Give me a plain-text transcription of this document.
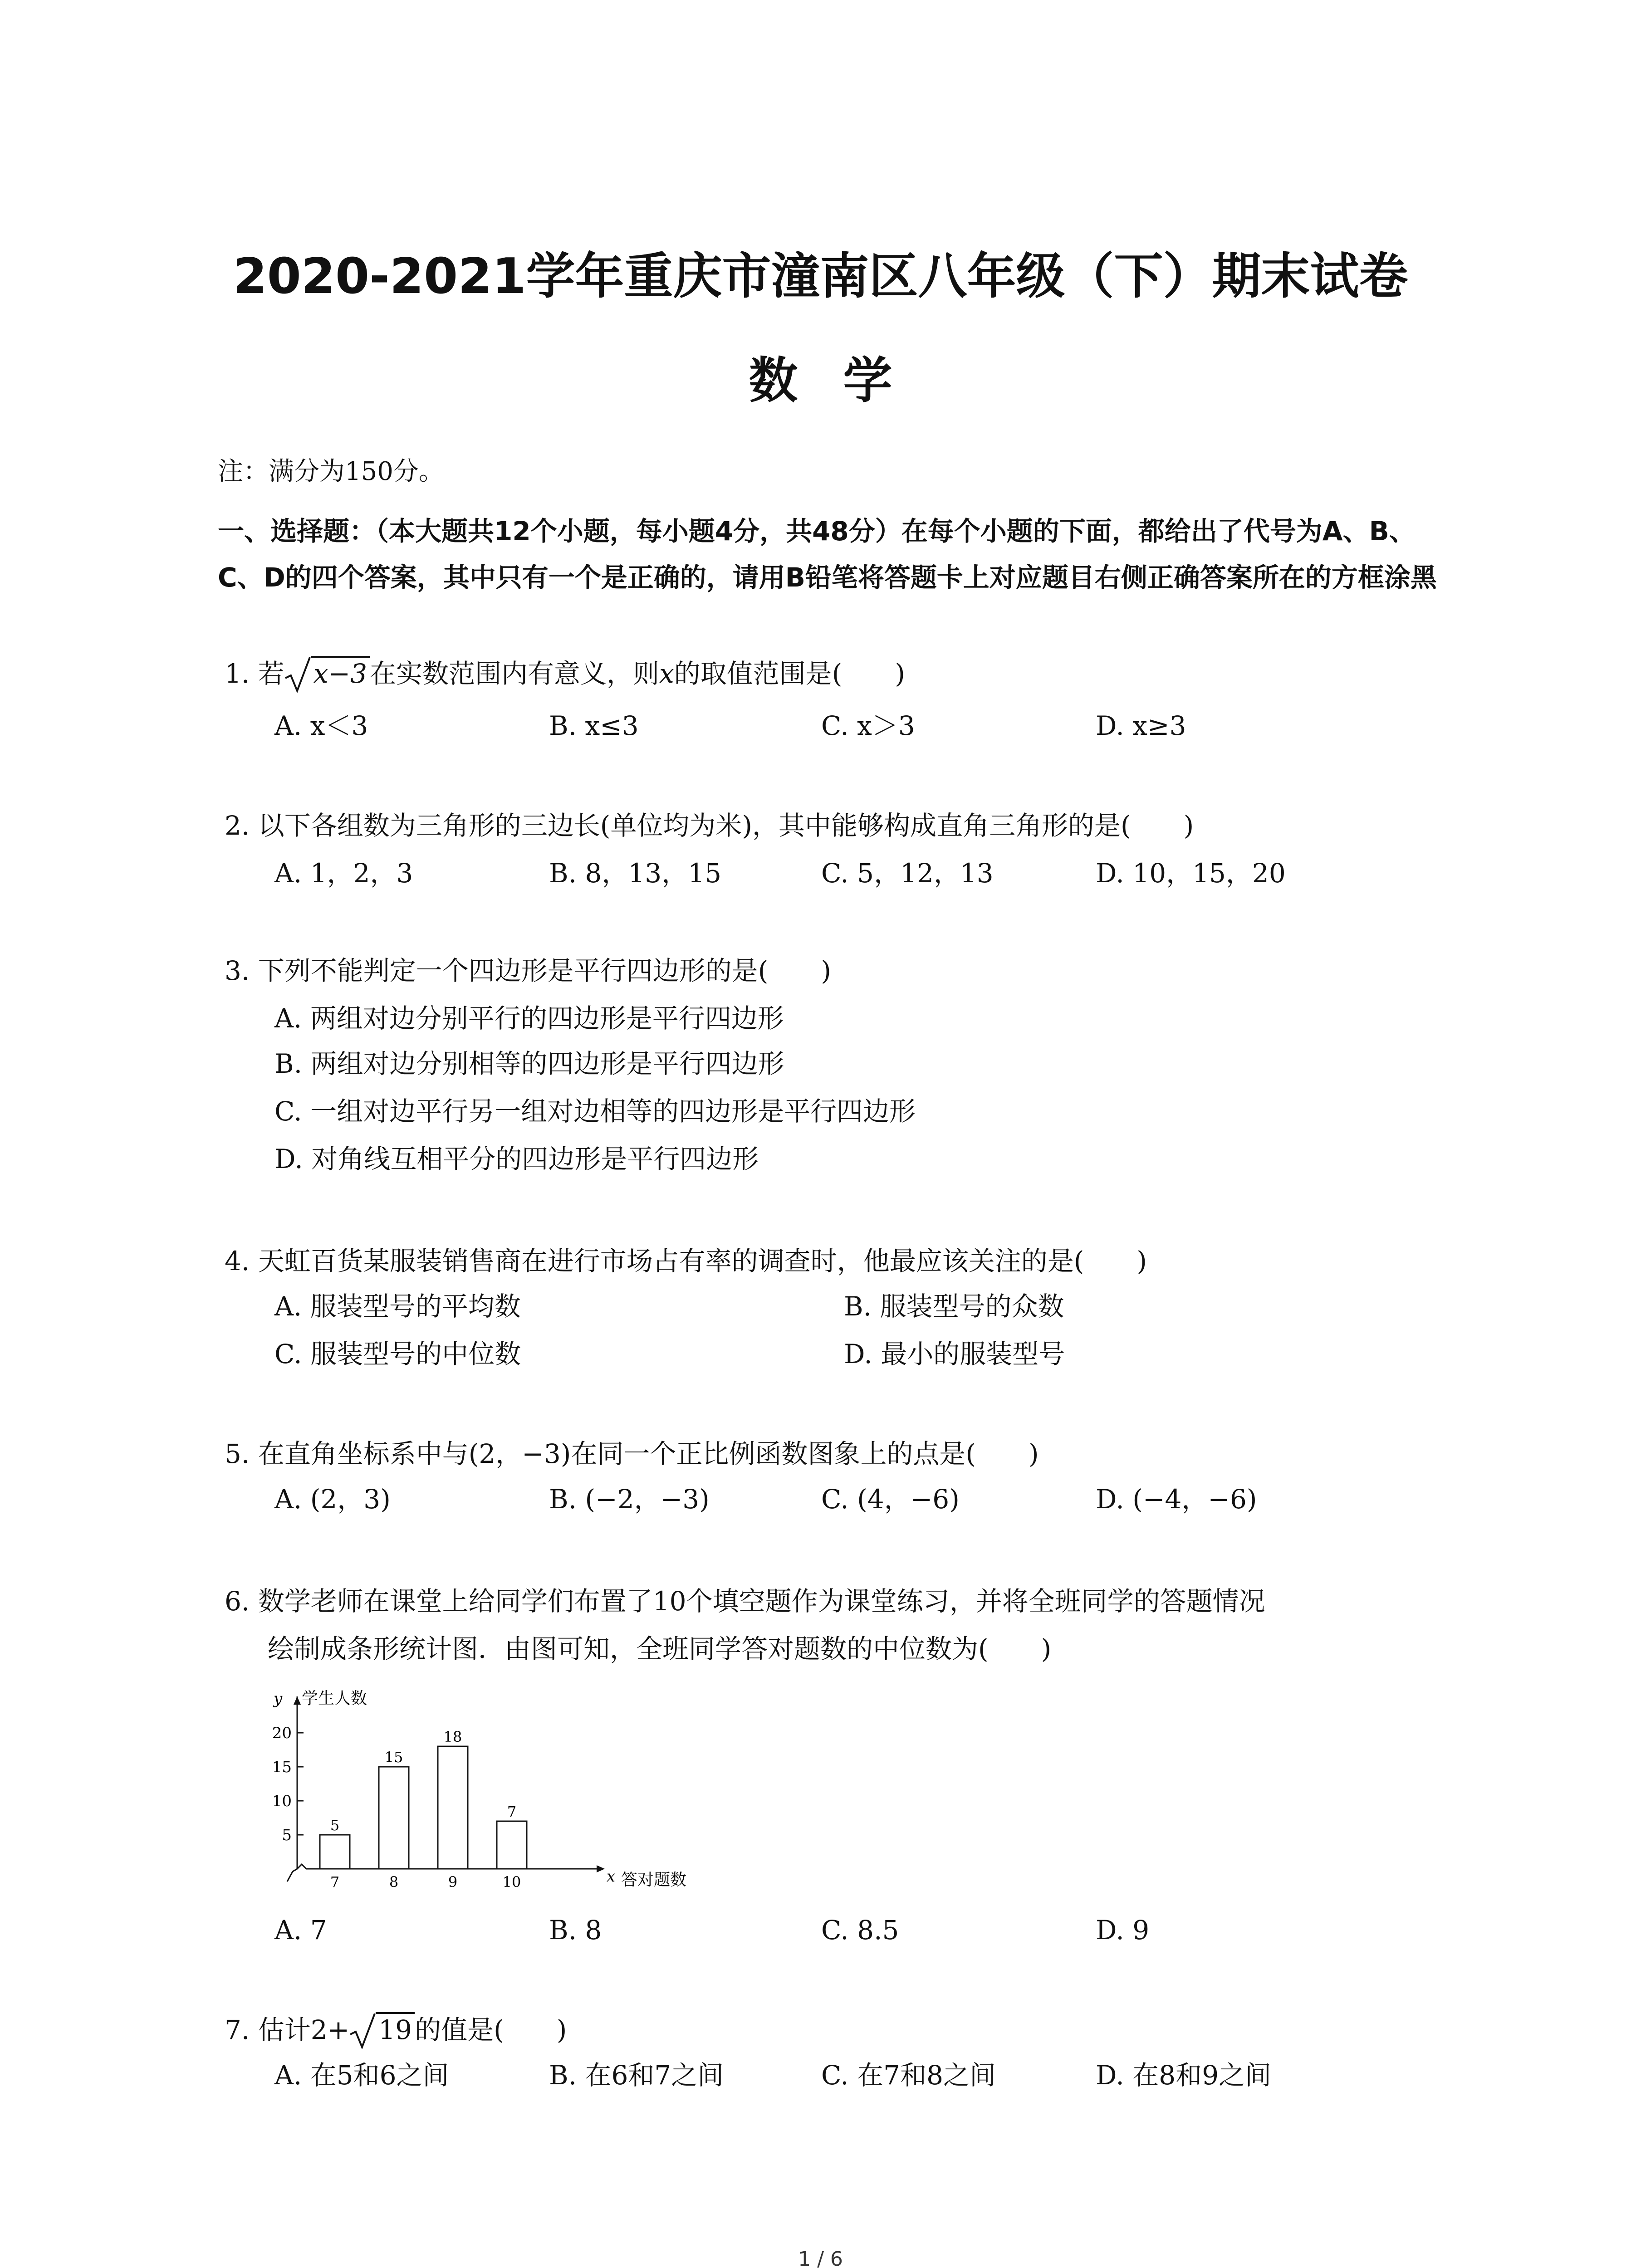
2020-2021学年重庆市潼南区八年级（下）期末试卷
数学
注：满分为150分。
一、选择题：（本大题共12个小题，每小题4分，共48分）在每个小题的下面，都给出了代号为A、B、C、D的四个答案，其中只有一个是正确的，请用B铅笔将答题卡上对应题目右侧正确答案所在的方框涂黑
1. 若 x−3 在实数范围内有意义，则x的取值范围是(　　)
A. x＜3	B. x≤3	C. x＞3	D. x≥3
2. 以下各组数为三角形的三边长(单位均为米)，其中能够构成直角三角形的是(　　)
A. 1，2，3	B. 8，13，15	C. 5，12，13	D. 10，15，20
3. 下列不能判定一个四边形是平行四边形的是(　　)
A. 两组对边分别平行的四边形是平行四边形
B. 两组对边分别相等的四边形是平行四边形
C. 一组对边平行另一组对边相等的四边形是平行四边形
D. 对角线互相平分的四边形是平行四边形
4. 天虹百货某服装销售商在进行市场占有率的调查时，他最应该关注的是(　　)
A. 服装型号的平均数	B. 服装型号的众数
C. 服装型号的中位数	D. 最小的服装型号
5. 在直角坐标系中与(2，−3)在同一个正比例函数图象上的点是(　　)
A. (2，3)	B. (−2，−3)	C. (4，−6)	D. (−4，−6)
6. 数学老师在课堂上给同学们布置了10个填空题作为课堂练习，并将全班同学的答题情况
绘制成条形统计图．由图可知，全班同学答对题数的中位数为(　　)
y 学生人数
x 答对题数
5
10
15
20
5
7
15
8
18
9
7
10
A. 7	B. 8	C. 8.5	D. 9
7. 估计2+ 19 的值是(　　)
A. 在5和6之间	B. 在6和7之间	C. 在7和8之间	D. 在8和9之间
1 / 6
